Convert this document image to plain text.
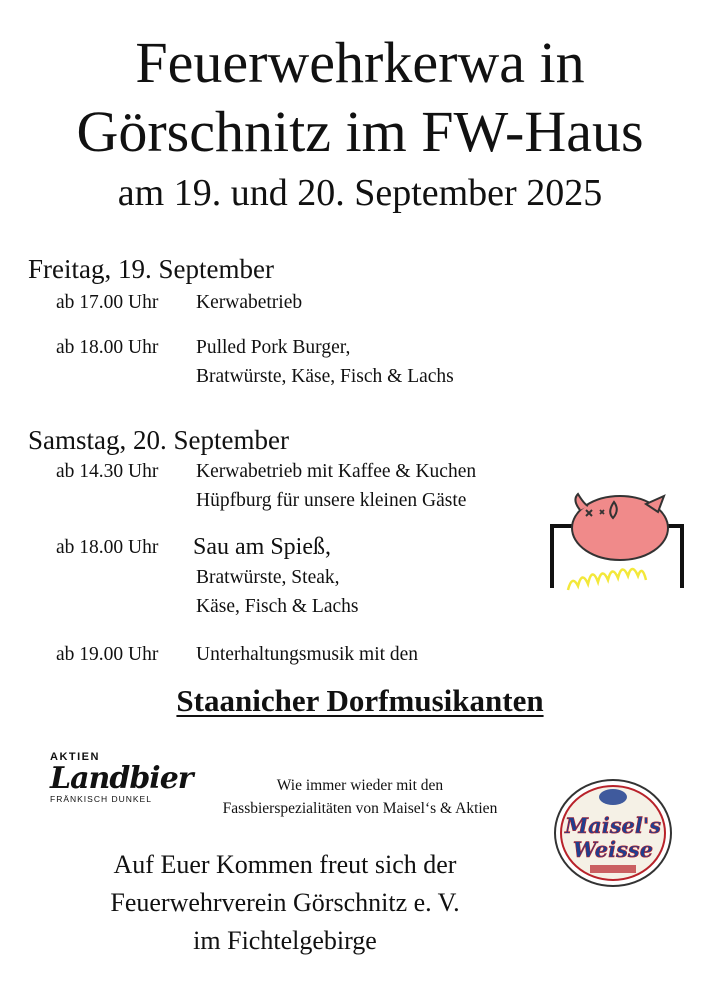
Feuerwehrkerwa in
Görschnitz im FW-Haus
am 19. und 20. September 2025
Freitag, 19. September
ab 17.00 Uhr Kerwabetrieb
ab 18.00 Uhr Pulled Pork Burger,
Bratwürste, Käse, Fisch & Lachs
Samstag, 20. September
ab 14.30 Uhr Kerwabetrieb mit Kaffee & Kuchen
Hüpfburg für unsere kleinen Gäste
ab 18.00 Uhr Sau am Spieß,
Bratwürste, Steak,
Käse, Fisch & Lachs
ab 19.00 Uhr Unterhaltungsmusik mit den
Staanicher Dorfmusikanten
AKTIEN
Landbier
FRÄNKISCH DUNKEL
Wie immer wieder mit den
Fassbierspezialitäten von Maisel‘s & Aktien
Maisel's
Weisse
Auf Euer Kommen freut sich der
Feuerwehrverein Görschnitz e. V.
im Fichtelgebirge
